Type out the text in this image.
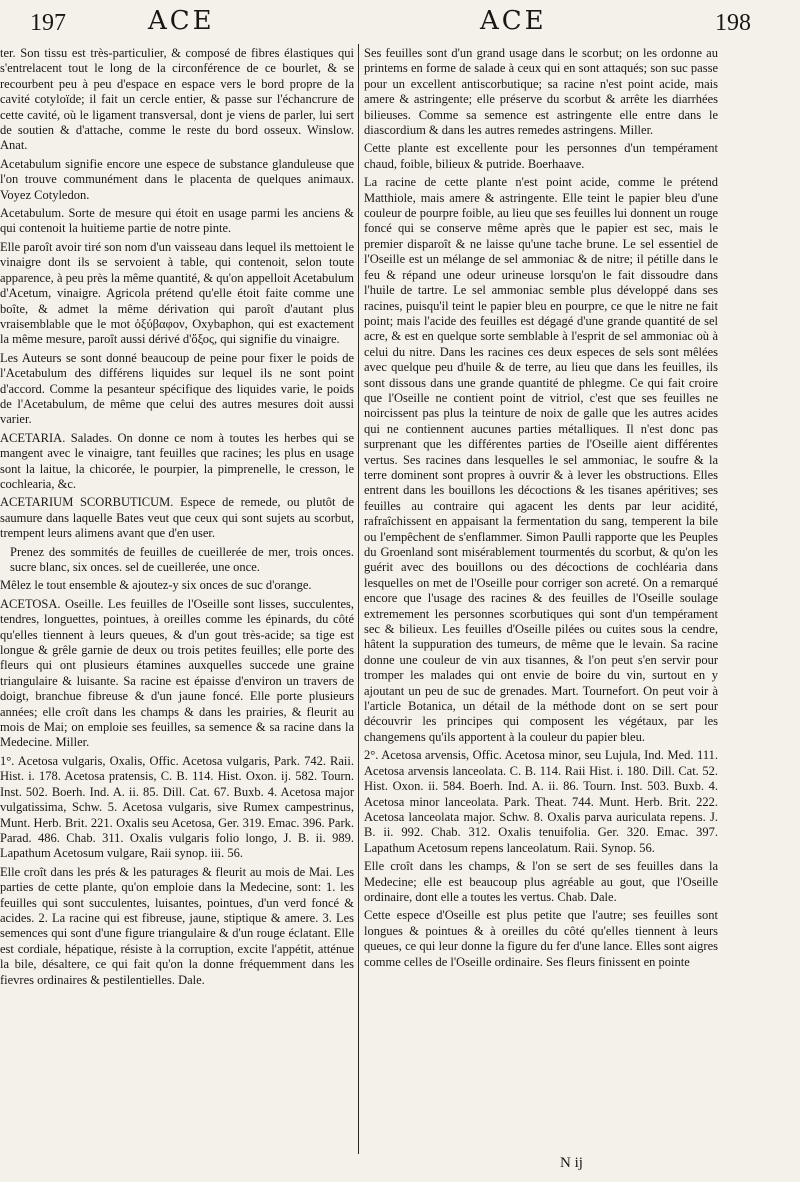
197	ACE	ACE	198

ter. Son tissu est très-particulier, & composé de fibres élastiques qui s'entrelacent tout le long de la circonférence de ce bourlet, & se recourbent peu à peu d'espace en espace vers le bord propre de la cavité cotyloïde; il fait un cercle entier, & passe sur l'échancrure de cette cavité, où le ligament transversal, dont je viens de parler, lui sert de soutien & d'attache, comme le reste du bord osseux. Winslow. Anat.

Acetabulum signifie encore une espece de substance glanduleuse que l'on trouve communément dans le placenta de quelques animaux. Voyez Cotyledon.

Acetabulum. Sorte de mesure qui étoit en usage parmi les anciens & qui contenoit la huitieme partie de notre pinte.

Elle paroît avoir tiré son nom d'un vaisseau dans lequel ils mettoient le vinaigre dont ils se servoient à table, qui contenoit, selon toute apparence, à peu près la même quantité, & qu'on appelloit Acetabulum d'Acetum, vinaigre. Agricola prétend qu'elle étoit faite comme une boîte, & admet la même dérivation qui paroît d'autant plus vraisemblable que le mot ὀξύβαφον, Oxybaphon, qui est exactement la même mesure, paroît aussi dérivé d'ὄξος, qui signifie du vinaigre.

Les Auteurs se sont donné beaucoup de peine pour fixer le poids de l'Acetabulum des différens liquides sur lequel ils ne sont point d'accord. Comme la pesanteur spécifique des liquides varie, le poids de l'Acetabulum, de même que celui des autres mesures doit aussi varier.

ACETARIA. Salades. On donne ce nom à toutes les herbes qui se mangent avec le vinaigre, tant feuilles que racines; les plus en usage sont la laitue, la chicorée, le pourpier, la pimprenelle, le cresson, le cochlearia, &c.

ACETARIUM SCORBUTICUM. Espece de remede, ou plutôt de saumure dans laquelle Bates veut que ceux qui sont sujets au scorbut, trempent leurs alimens avant que d'en user.

Prenez des sommités de feuilles de cueillerée de mer, trois onces. sucre blanc, six onces. sel de cueillerée, une once.

Mêlez le tout ensemble & ajoutez-y six onces de suc d'orange.

ACETOSA. Oseille. Les feuilles de l'Oseille sont lisses, succulentes, tendres, longuettes, pointues, à oreilles comme les épinards, du côté qu'elles tiennent à leurs queues, & d'un gout très-acide; sa tige est longue & grêle garnie de deux ou trois petites feuilles; elle porte des fleurs qui ont plusieurs étamines auxquelles succede une graine triangulaire & luisante. Sa racine est épaisse d'environ un travers de doigt, branchue fibreuse & d'un jaune foncé. Elle porte plusieurs années; elle croît dans les champs & dans les prairies, & fleurit au mois de Mai; on emploie ses feuilles, sa semence & sa racine dans la Medecine. Miller.

1°. Acetosa vulgaris, Oxalis, Offic. Acetosa vulgaris, Park. 742. Raii. Hist. i. 178. Acetosa pratensis, C. B. 114. Hist. Oxon. ij. 582. Tourn. Inst. 502. Boerh. Ind. A. ii. 85. Dill. Cat. 67. Buxb. 4. Acetosa major vulgatissima, Schw. 5. Acetosa vulgaris, sive Rumex campestrinus, Munt. Herb. Brit. 221. Oxalis seu Acetosa, Ger. 319. Emac. 396. Park. Parad. 486. Chab. 311. Oxalis vulgaris folio longo, J. B. ii. 989. Lapathum Acetosum vulgare, Raii synop. iii. 56.

Elle croît dans les prés & les paturages & fleurit au mois de Mai. Les parties de cette plante, qu'on emploie dans la Medecine, sont: 1. les feuilles qui sont succulentes, luisantes, pointues, d'un verd foncé & acides. 2. La racine qui est fibreuse, jaune, stiptique & amere. 3. Les semences qui sont d'une figure triangulaire & d'un rouge éclatant. Elle est cordiale, hépatique, résiste à la corruption, excite l'appétit, atténue la bile, désaltere, ce qui fait qu'on la donne fréquemment dans les fievres ordinaires & pestilentielles. Dale.

Ses feuilles sont d'un grand usage dans le scorbut; on les ordonne au printems en forme de salade à ceux qui en sont attaqués; son suc passe pour un excellent antiscorbutique; sa racine n'est point acide, mais amere & astringente; elle préserve du scorbut & arrête les diarrhées bilieuses. Comme sa semence est astringente elle entre dans le diascordium & dans les autres remedes astringens. Miller.

Cette plante est excellente pour les personnes d'un tempérament chaud, foible, bilieux & putride. Boerhaave.

La racine de cette plante n'est point acide, comme le prétend Matthiole, mais amere & astringente. Elle teint le papier bleu d'une couleur de pourpre foible, au lieu que ses feuilles lui donnent un rouge foncé qui se conserve même après que le papier est sec, mais le premier disparoît & ne laisse qu'une tache brune. Le sel essentiel de l'Oseille est un mélange de sel ammoniac & de nitre; il pétille dans le feu & répand une odeur urineuse lorsqu'on le fait dissoudre dans l'huile de tartre. Le sel ammoniac semble plus développé dans ses racines, puisqu'il teint le papier bleu en pourpre, ce que le nitre ne fait point; mais l'acide des feuilles est dégagé d'une grande quantité de sel acre, & est en quelque sorte semblable à l'esprit de sel ammoniac où à celui du nitre. Dans les racines ces deux especes de sels sont mêlées avec quelque peu d'huile & de terre, au lieu que dans les feuilles, ils sont dissous dans une grande quantité de phlegme. Ce qui fait croire que l'Oseille ne contient point de vitriol, c'est que ses feuilles ne noircissent pas plus la teinture de noix de galle que les autres acides qui ne contiennent aucunes parties métalliques. Il n'est donc pas surprenant que les différentes parties de l'Oseille aient différentes vertus. Ses racines dans lesquelles le sel ammoniac, le soufre & la terre dominent sont propres à ouvrir & à lever les obstructions. Elles entrent dans les bouillons les décoctions & les tisanes apéritives; ses feuilles au contraire qui agacent les dents par leur acidité, rafraîchissent en appaisant la fermentation du sang, temperent la bile ou l'empêchent de s'enflammer. Simon Paulli rapporte que les Peuples du Groenland sont misérablement tourmentés du scorbut, & qu'on les guérit avec des bouillons ou des décoctions de cochléaria dans lesquelles on met de l'Oseille pour corriger son acreté. On a remarqué encore que l'usage des racines & des feuilles de l'Oseille soulage extremement les personnes scorbutiques qui sont d'un tempérament sec & bilieux. Les feuilles d'Oseille pilées ou cuites sous la cendre, hâtent la suppuration des tumeurs, de même que le levain. Sa racine donne une couleur de vin aux tisannes, & l'on peut s'en servir pour tromper les malades qui ont envie de boire du vin, surtout en y ajoutant un peu de suc de grenades. Mart. Tournefort. On peut voir à l'article Botanica, un détail de la méthode dont on se sert pour découvrir les principes qui composent les végétaux, par les changemens qu'ils apportent à la couleur du papier bleu.

2°. Acetosa arvensis, Offic. Acetosa minor, seu Lujula, Ind. Med. 111. Acetosa arvensis lanceolata. C. B. 114. Raii Hist. i. 180. Dill. Cat. 52. Hist. Oxon. ii. 584. Boerh. Ind. A. ii. 86. Tourn. Inst. 503. Buxb. 4. Acetosa minor lanceolata. Park. Theat. 744. Munt. Herb. Brit. 222. Acetosa lanceolata major. Schw. 8. Oxalis parva auriculata repens. J. B. ii. 992. Chab. 312. Oxalis tenuifolia. Ger. 320. Emac. 397. Lapathum Acetosum repens lanceolatum. Raii. Synop. 56.

Elle croît dans les champs, & l'on se sert de ses feuilles dans la Medecine; elle est beaucoup plus agréable au gout, que l'Oseille ordinaire, dont elle a toutes les vertus. Chab. Dale.

Cette espece d'Oseille est plus petite que l'autre; ses feuilles sont longues & pointues & à oreilles du côté qu'elles tiennent à leurs queues, ce qui leur donne la figure du fer d'une lance. Elles sont aigres comme celles de l'Oseille ordinaire. Ses fleurs finissent en pointe

N ij
